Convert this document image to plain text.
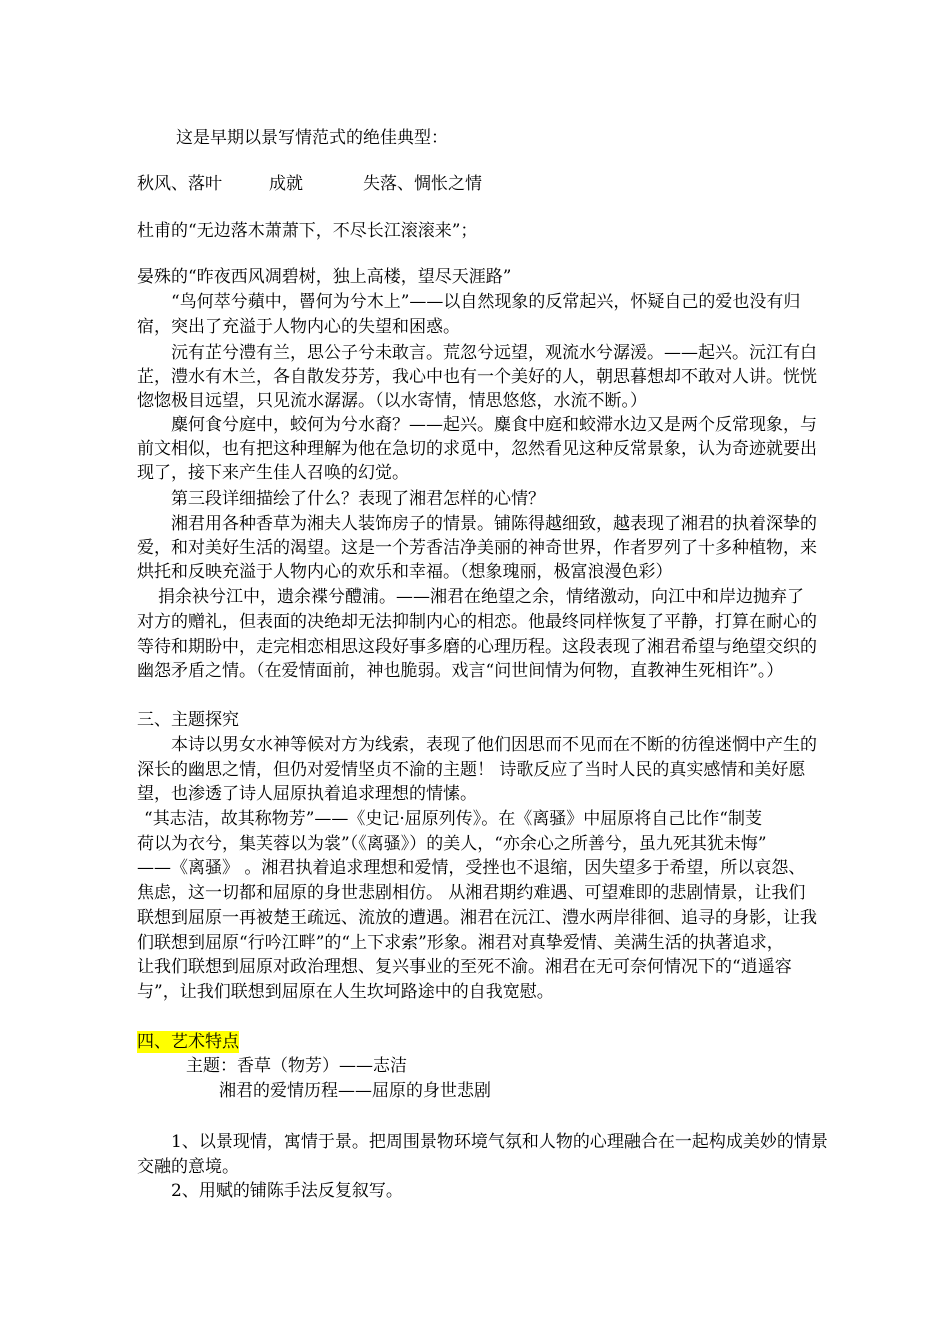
这是早期以景写情范式的绝佳典型：
秋风、落叶	成就	失落、惆怅之情
杜甫的“无边落木萧萧下，不尽长江滚滚来”；
晏殊的“昨夜西风凋碧树，独上高楼，望尽天涯路”
“鸟何萃兮蘋中，罾何为兮木上”——以自然现象的反常起兴，怀疑自己的爱也没有归
宿，突出了充溢于人物内心的失望和困惑。
沅有芷兮澧有兰，思公子兮未敢言。荒忽兮远望，观流水兮潺湲。——起兴。沅江有白
芷，澧水有木兰，各自散发芬芳，我心中也有一个美好的人，朝思暮想却不敢对人讲。恍恍
惚惚极目远望，只见流水潺潺。（以水寄情，情思悠悠，水流不断。）
麋何食兮庭中，蛟何为兮水裔？——起兴。麋食中庭和蛟滞水边又是两个反常现象，与
前文相似，也有把这种理解为他在急切的求觅中，忽然看见这种反常景象，认为奇迹就要出
现了，接下来产生佳人召唤的幻觉。
第三段详细描绘了什么？表现了湘君怎样的心情？
湘君用各种香草为湘夫人装饰房子的情景。铺陈得越细致，越表现了湘君的执着深挚的
爱，和对美好生活的渴望。这是一个芳香洁净美丽的神奇世界，作者罗列了十多种植物，来
烘托和反映充溢于人物内心的欢乐和幸福。（想象瑰丽，极富浪漫色彩）
捐余袂兮江中，遗余褋兮醴浦。——湘君在绝望之余，情绪激动，向江中和岸边抛弃了
对方的赠礼，但表面的决绝却无法抑制内心的相恋。他最终同样恢复了平静，打算在耐心的
等待和期盼中，走完相恋相思这段好事多磨的心理历程。这段表现了湘君希望与绝望交织的
幽怨矛盾之情。（在爱情面前，神也脆弱。戏言“问世间情为何物，直教神生死相许”。）
三、主题探究
本诗以男女水神等候对方为线索，表现了他们因思而不见而在不断的彷徨迷惘中产生的
深长的幽思之情，但仍对爱情坚贞不渝的主题！ 诗歌反应了当时人民的真实感情和美好愿
望，也渗透了诗人屈原执着追求理想的情愫。
“其志洁，故其称物芳”——《史记·屈原列传》。在《离骚》中屈原将自己比作“制芰
荷以为衣兮，集芙蓉以为裳”（《离骚》）的美人，“亦余心之所善兮，虽九死其犹未悔”
——《离骚》 。湘君执着追求理想和爱情，受挫也不退缩，因失望多于希望，所以哀怨、
焦虑，这一切都和屈原的身世悲剧相仿。 从湘君期约难遇、可望难即的悲剧情景，让我们
联想到屈原一再被楚王疏远、流放的遭遇。湘君在沅江、澧水两岸徘徊、追寻的身影，让我
们联想到屈原“行吟江畔”的“上下求索”形象。湘君对真挚爱情、美满生活的执著追求，
让我们联想到屈原对政治理想、复兴事业的至死不渝。湘君在无可奈何情况下的“逍遥容
与”，让我们联想到屈原在人生坎坷路途中的自我宽慰。
四、艺术特点
主题：香草（物芳）——志洁
湘君的爱情历程——屈原的身世悲剧
1、以景现情，寓情于景。把周围景物环境气氛和人物的心理融合在一起构成美妙的情景
交融的意境。
2、用赋的铺陈手法反复叙写。
